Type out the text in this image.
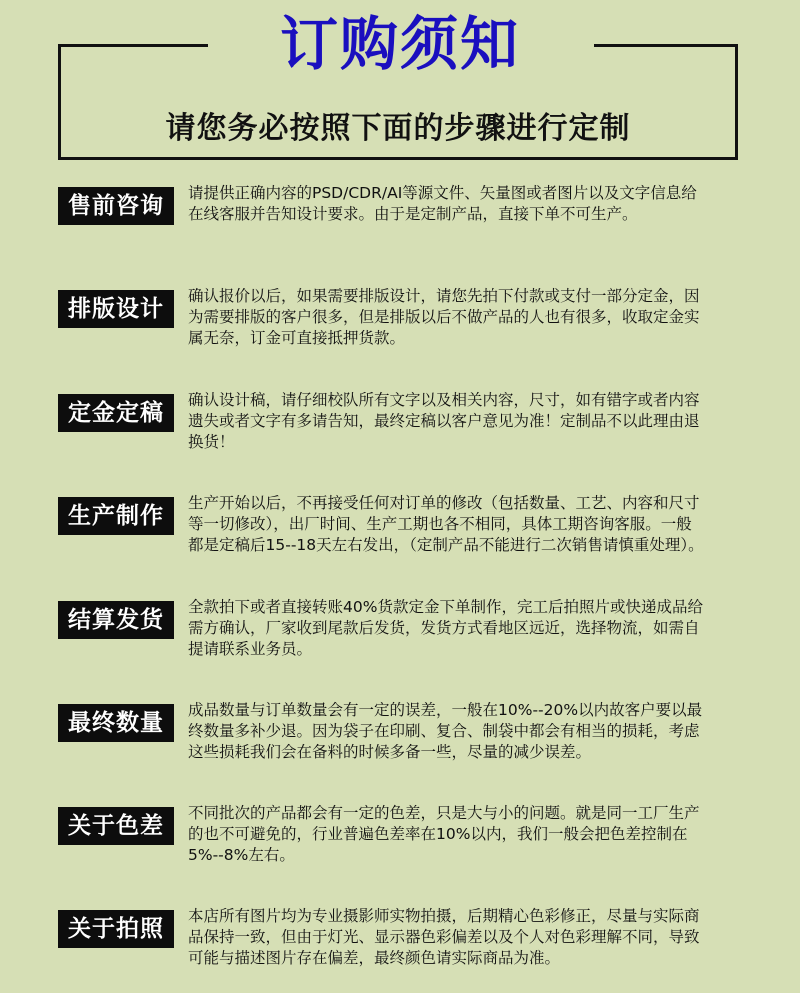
订购须知
请您务必按照下面的步骤进行定制
售前咨询	请提供正确内容的PSD/CDR/AI等源文件、矢量图或者图片以及文字信息给
在线客服并告知设计要求。由于是定制产品，直接下单不可生产。
排版设计	确认报价以后，如果需要排版设计，请您先拍下付款或支付一部分定金，因
为需要排版的客户很多，但是排版以后不做产品的人也有很多，收取定金实
属无奈，订金可直接抵押货款。
定金定稿	确认设计稿，请仔细校队所有文字以及相关内容，尺寸，如有错字或者内容
遗失或者文字有多请告知，最终定稿以客户意见为准！定制品不以此理由退
换货！
生产制作	生产开始以后，不再接受任何对订单的修改（包括数量、工艺、内容和尺寸
等一切修改），出厂时间、生产工期也各不相同，具体工期咨询客服。一般
都是定稿后15--18天左右发出，（定制产品不能进行二次销售请慎重处理）。
结算发货	全款拍下或者直接转账40%货款定金下单制作，完工后拍照片或快递成品给
需方确认，厂家收到尾款后发货，发货方式看地区远近，选择物流，如需自
提请联系业务员。
最终数量	成品数量与订单数量会有一定的误差，一般在10%--20%以内故客户要以最
终数量多补少退。因为袋子在印刷、复合、制袋中都会有相当的损耗，考虑
这些损耗我们会在备料的时候多备一些，尽量的减少误差。
关于色差	不同批次的产品都会有一定的色差，只是大与小的问题。就是同一工厂生产
的也不可避免的，行业普遍色差率在10%以内，我们一般会把色差控制在
5%--8%左右。
关于拍照	本店所有图片均为专业摄影师实物拍摄，后期精心色彩修正，尽量与实际商
品保持一致，但由于灯光、显示器色彩偏差以及个人对色彩理解不同，导致
可能与描述图片存在偏差，最终颜色请实际商品为准。
